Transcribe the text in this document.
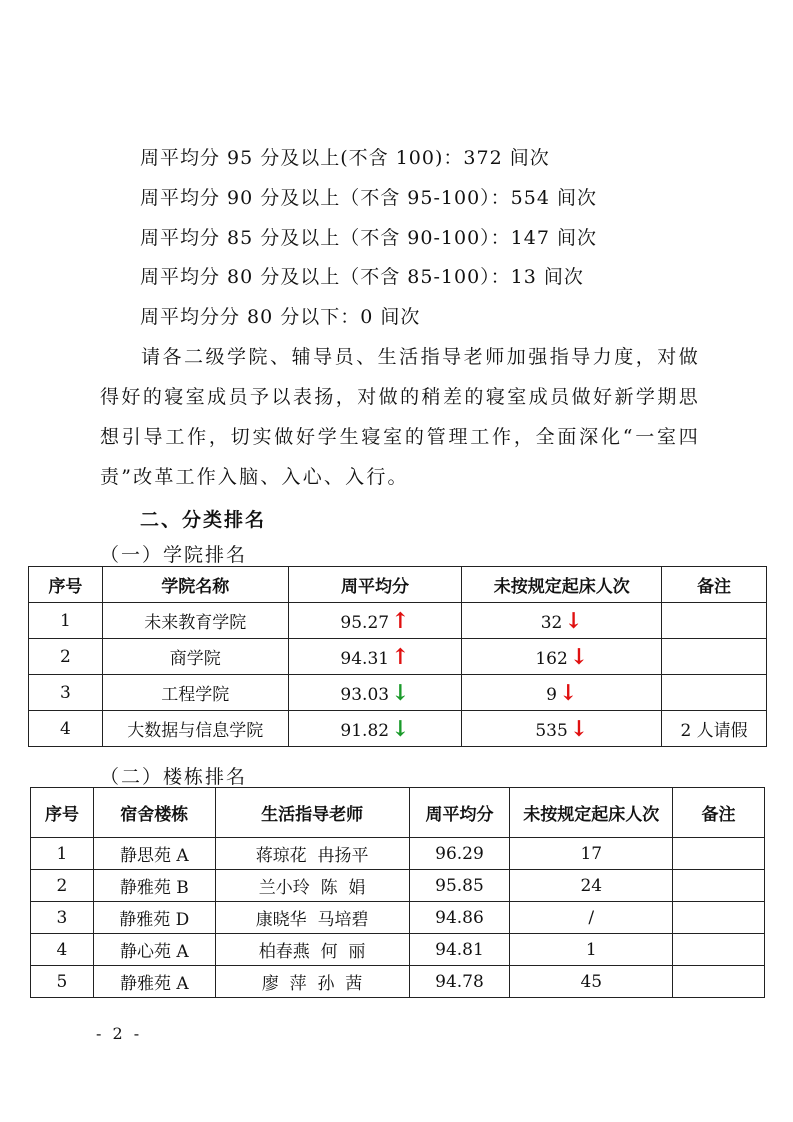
周平均分 95 分及以上(不含 100)：372 间次
周平均分 90 分及以上（不含 95-100）：554 间次
周平均分 85 分及以上（不含 90-100）：147 间次
周平均分 80 分及以上（不含 85-100）：13 间次
周平均分分 80 分以下：0 间次
请各二级学院、辅导员、生活指导老师加强指导力度，对做得好的寝室成员予以表扬，对做的稍差的寝室成员做好新学期思想引导工作，切实做好学生寝室的管理工作，全面深化“一室四责”改革工作入脑、入心、入行。
二、分类排名
（一）学院排名
序号	学院名称	周平均分	未按规定起床人次	备注
1	未来教育学院	95.27↑	32↓	
2	商学院	94.31↑	162↓	
3	工程学院	93.03↓	9↓	
4	大数据与信息学院	91.82↓	535↓	2 人请假
（二）楼栋排名
序号	宿舍楼栋	生活指导老师	周平均分	未按规定起床人次	备注
1	静思苑 A	蒋琼花  冉扬平	96.29	17	
2	静雅苑 B	兰小玲  陈  娟	95.85	24	
3	静雅苑 D	康晓华  马培碧	94.86	/	
4	静心苑 A	柏春燕  何  丽	94.81	1	
5	静雅苑 A	廖  萍  孙  茜	94.78	45	
- 2 -
